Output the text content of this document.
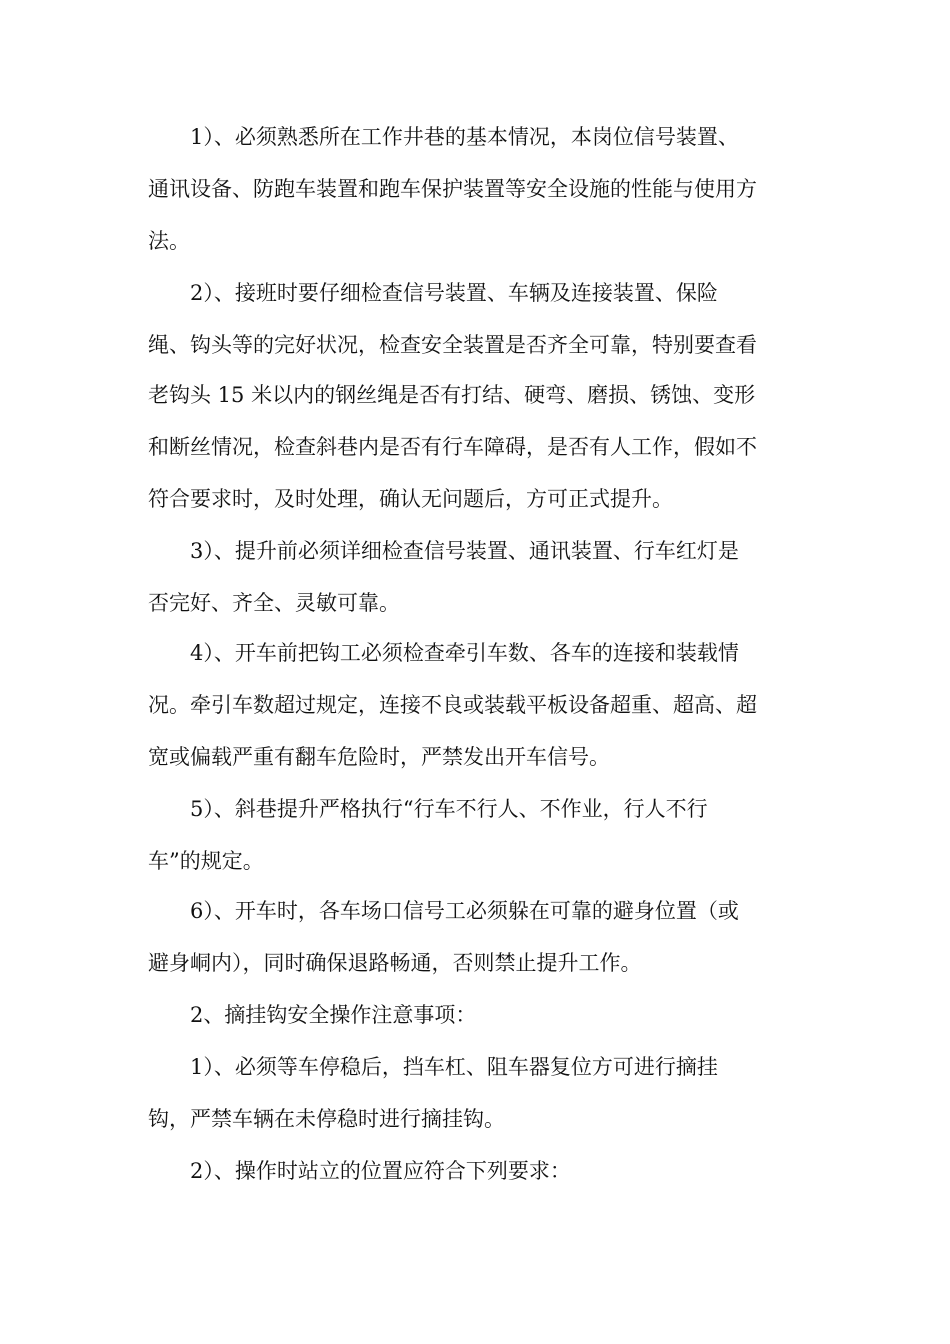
1）、必须熟悉所在工作井巷的基本情况，本岗位信号装置、
通讯设备、防跑车装置和跑车保护装置等安全设施的性能与使用方
法。
2）、接班时要仔细检查信号装置、车辆及连接装置、保险
绳、钩头等的完好状况，检查安全装置是否齐全可靠，特别要查看
老钩头 15 米以内的钢丝绳是否有打结、硬弯、磨损、锈蚀、变形
和断丝情况，检查斜巷内是否有行车障碍，是否有人工作，假如不
符合要求时，及时处理，确认无问题后，方可正式提升。
3）、提升前必须详细检查信号装置、通讯装置、行车红灯是
否完好、齐全、灵敏可靠。
4）、开车前把钩工必须检查牵引车数、各车的连接和装载情
况。牵引车数超过规定，连接不良或装载平板设备超重、超高、超
宽或偏载严重有翻车危险时，严禁发出开车信号。
5）、斜巷提升严格执行“行车不行人、不作业，行人不行
车”的规定。
6）、开车时，各车场口信号工必须躲在可靠的避身位置（或
避身峒内），同时确保退路畅通，否则禁止提升工作。
2、摘挂钩安全操作注意事项：
1）、必须等车停稳后，挡车杠、阻车器复位方可进行摘挂
钩，严禁车辆在未停稳时进行摘挂钩。
2）、操作时站立的位置应符合下列要求：
